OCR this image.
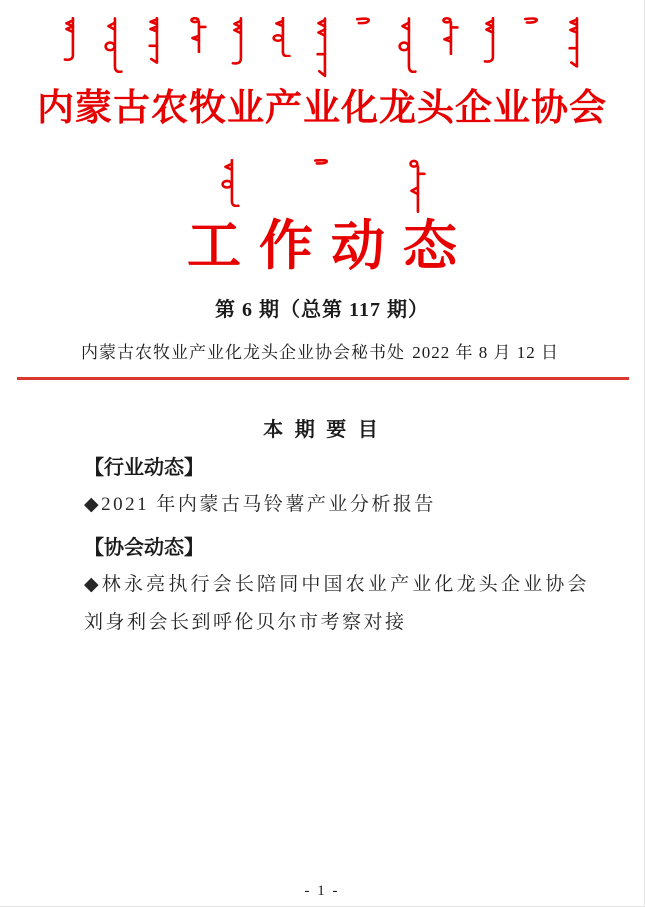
内蒙古农牧业产业化龙头企业协会
工作动态
第 6 期（总第 117 期）
内蒙古农牧业产业化龙头企业协会秘书处 2022 年 8 月 12 日
本 期 要 目
【行业动态】

◆2021 年内蒙古马铃薯产业分析报告

【协会动态】

◆林永亮执行会长陪同中国农业产业化龙头企业协会刘身利会长到呼伦贝尔市考察对接

- 1 -
